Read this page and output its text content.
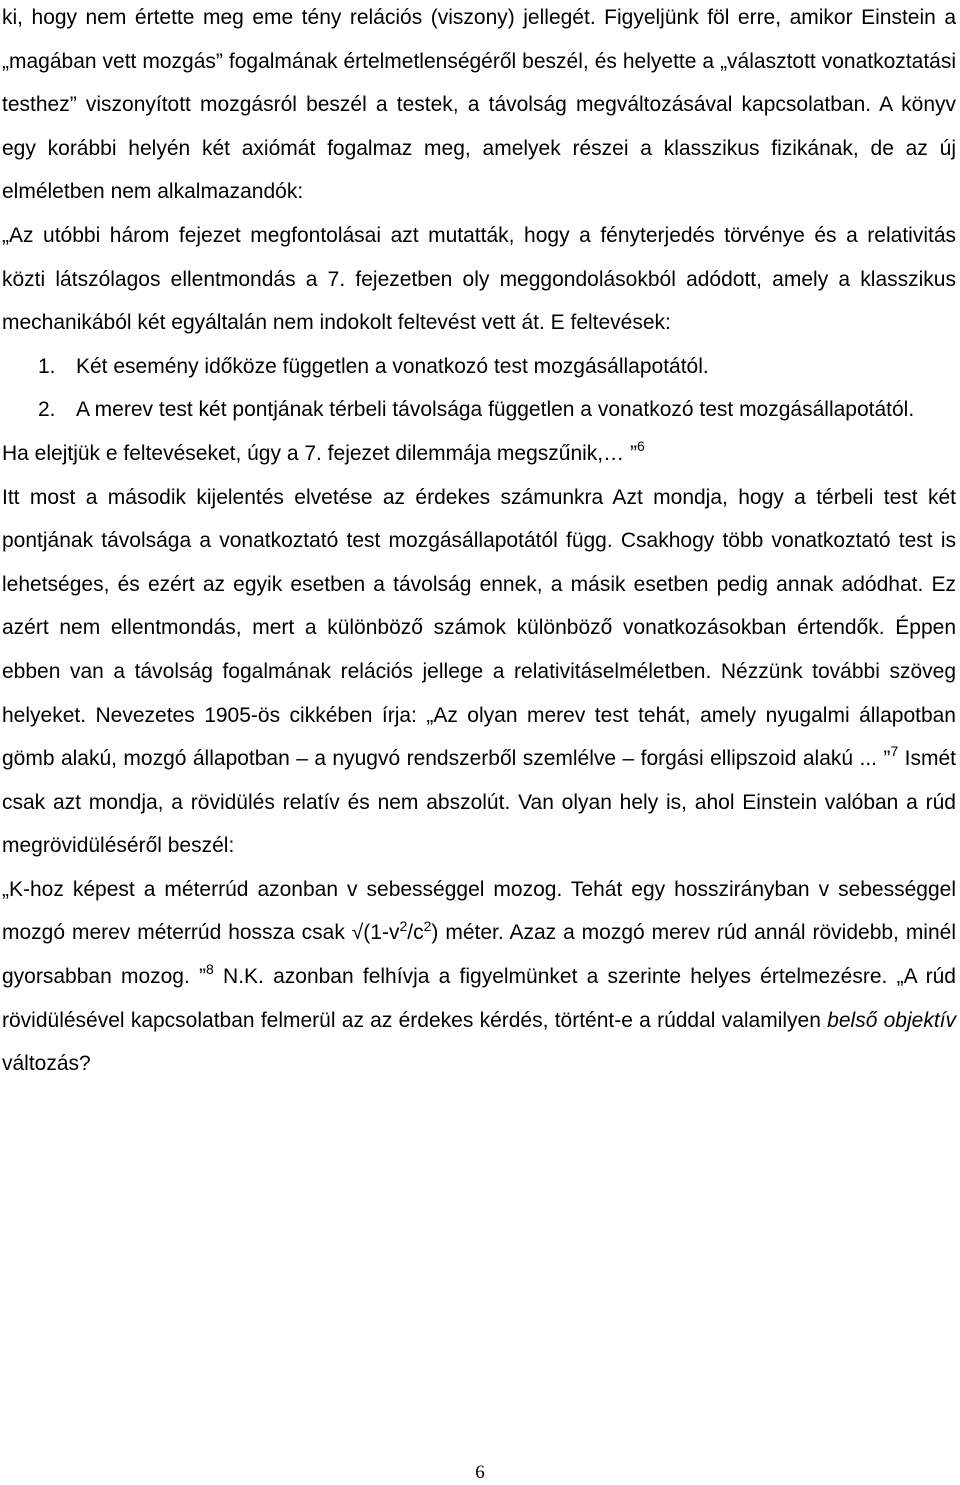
ki, hogy nem értette meg eme tény relációs (viszony) jellegét. Figyeljünk föl erre, amikor Einstein a „magában vett mozgás” fogalmának értelmetlenségéről beszél, és helyette a „választott vonatkoztatási testhez” viszonyított mozgásról beszél a testek, a távolság megváltozásával kapcsolatban. A könyv egy korábbi helyén két axiómát fogalmaz meg, amelyek részei a klasszikus fizikának, de az új elméletben nem alkalmazandók:

„Az utóbbi három fejezet megfontolásai azt mutatták, hogy a fényterjedés törvénye és a relativitás közti látszólagos ellentmondás a 7. fejezetben oly meggondolásokból adódott, amely a klasszikus mechanikából két egyáltalán nem indokolt feltevést vett át. E feltevések:

1. Két esemény időköze független a vonatkozó test mozgásállapotától.
2. A merev test két pontjának térbeli távolsága független a vonatkozó test mozgásállapotától.

Ha elejtjük e feltevéseket, úgy a 7. fejezet dilemmája megszűnik,… ”$^6$

Itt most a második kijelentés elvetése az érdekes számunkra Azt mondja, hogy a térbeli test két pontjának távolsága a vonatkoztató test mozgásállapotától függ. Csakhogy több vonatkoztató test is lehetséges, és ezért az egyik esetben a távolság ennek, a másik esetben pedig annak adódhat. Ez azért nem ellentmondás, mert a különböző számok különböző vonatkozásokban értendők. Éppen ebben van a távolság fogalmának relációs jellege a relativitáselméletben. Nézzünk további szöveg helyeket. Nevezetes 1905-ös cikkében írja: „Az olyan merev test tehát, amely nyugalmi állapotban gömb alakú, mozgó állapotban – a nyugvó rendszerből szemlélve – forgási ellipszoid alakú ... ”$^7$ Ismét csak azt mondja, a rövidülés relatív és nem abszolút. Van olyan hely is, ahol Einstein valóban a rúd megrövidüléséről beszél:

„K-hoz képest a méterrúd azonban v sebességgel mozog. Tehát egy hosszirányban v sebességgel mozgó merev méterrúd hossza csak $√(1-v^2/c^2)$ méter. Azaz a mozgó merev rúd annál rövidebb, minél gyorsabban mozog. ”$^8$ N.K. azonban felhívja a figyelmünket a szerinte helyes értelmezésre. „A rúd rövidülésével kapcsolatban felmerül az az érdekes kérdés, történt-e a rúddal valamilyen belső objektív változás?

6
